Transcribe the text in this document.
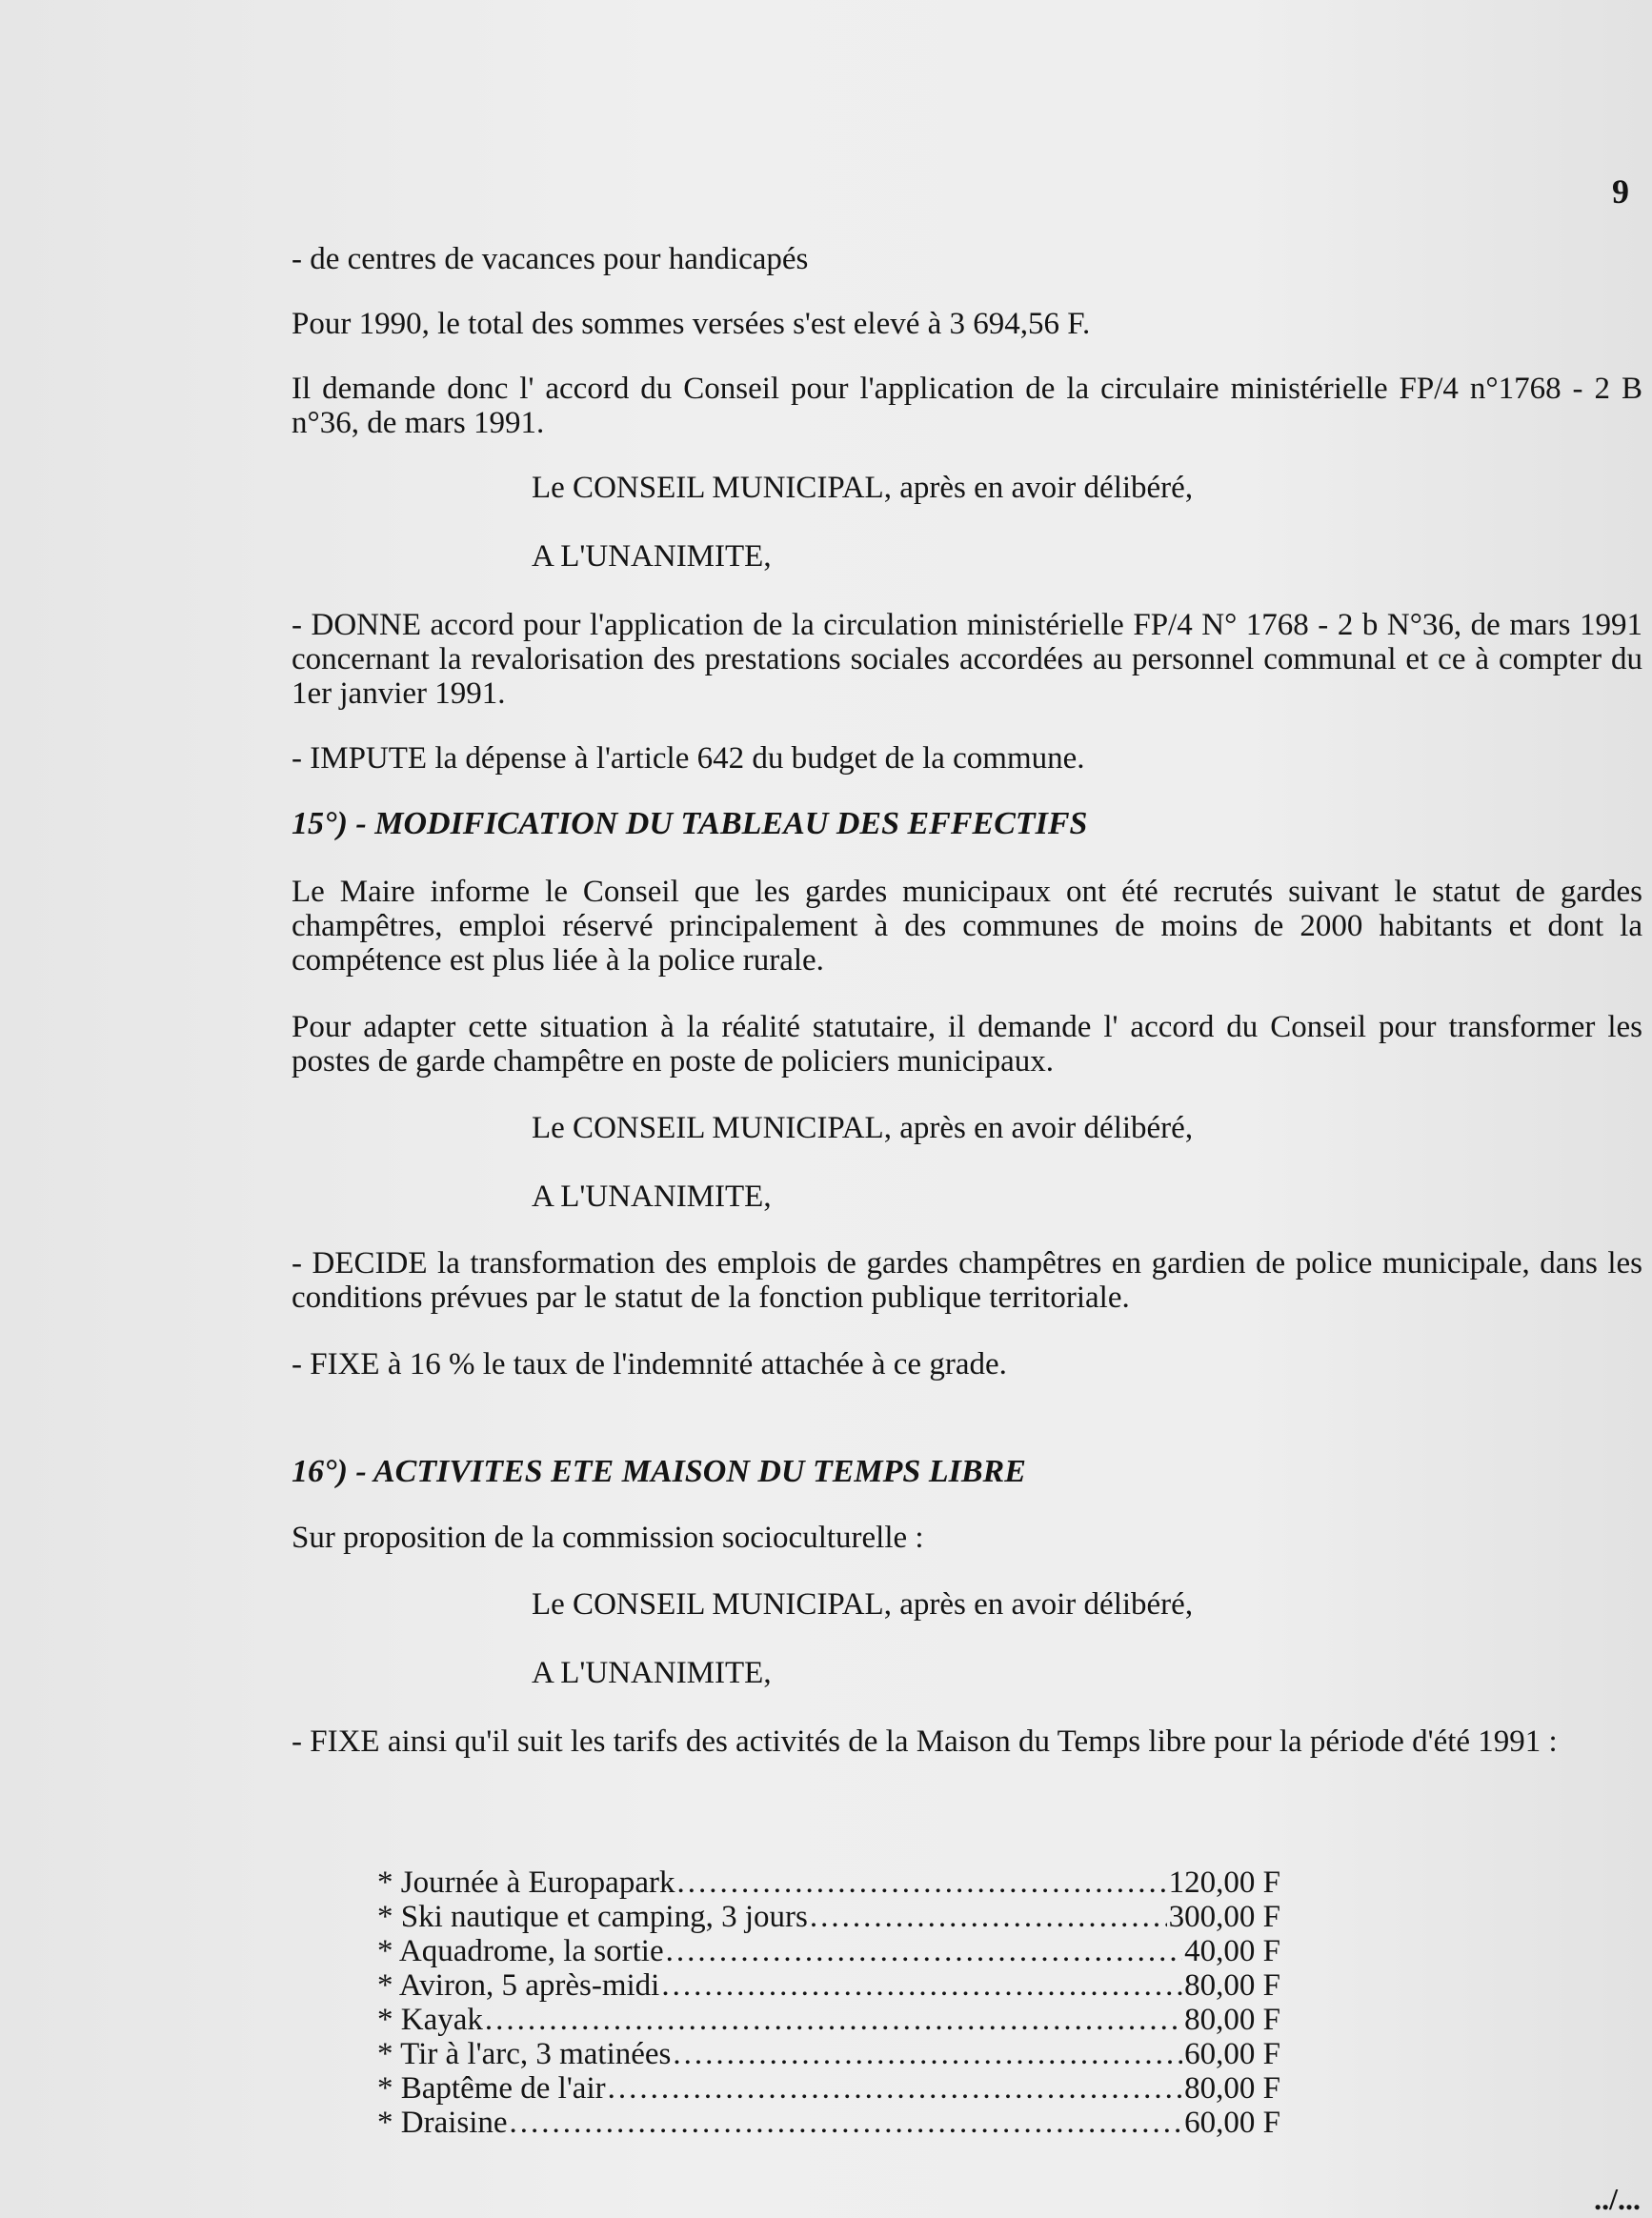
9

- de centres de vacances pour handicapés

Pour 1990, le total des sommes versées s'est elevé à 3 694,56 F.

Il demande donc l' accord du Conseil pour l'application de la circulaire ministérielle FP/4 n°1768 - 2 B n°36, de mars 1991.

Le CONSEIL MUNICIPAL, après en avoir délibéré,

A L'UNANIMITE,

- DONNE accord pour l'application de la circulation ministérielle FP/4 N° 1768 - 2 b N°36, de mars 1991 concernant la revalorisation des prestations sociales accordées au personnel communal et ce à compter du 1er janvier 1991.

- IMPUTE la dépense à l'article 642 du budget de la commune.

15°) - MODIFICATION DU TABLEAU DES EFFECTIFS

Le Maire informe le Conseil que les gardes municipaux ont été recrutés suivant le statut de gardes champêtres, emploi réservé principalement à des communes de moins de 2000 habitants et dont la compétence est plus liée à la police rurale.

Pour adapter cette situation à la réalité statutaire, il demande l' accord du Conseil pour transformer les postes de garde champêtre en poste de policiers municipaux.

Le CONSEIL MUNICIPAL, après en avoir délibéré,

A L'UNANIMITE,

- DECIDE la transformation des emplois de gardes champêtres en gardien de police municipale, dans les conditions prévues par le statut de la fonction publique territoriale.

- FIXE à 16 % le taux de l'indemnité attachée à ce grade.

16°) - ACTIVITES ETE MAISON DU TEMPS LIBRE

Sur proposition de la commission socioculturelle :

Le CONSEIL MUNICIPAL, après en avoir délibéré,

A L'UNANIMITE,

- FIXE ainsi qu'il suit les tarifs des activités de la Maison du Temps libre pour la période d'été 1991 :

* Journée à Europapark .....	120,00 F
* Ski nautique et camping, 3 jours .....	300,00 F
* Aquadrome, la sortie .....	40,00 F
* Aviron, 5 après-midi .....	80,00 F
* Kayak .....	80,00 F
* Tir à l'arc, 3 matinées .....	60,00 F
* Baptême de l'air .....	80,00 F
* Draisine .....	60,00 F
../...
